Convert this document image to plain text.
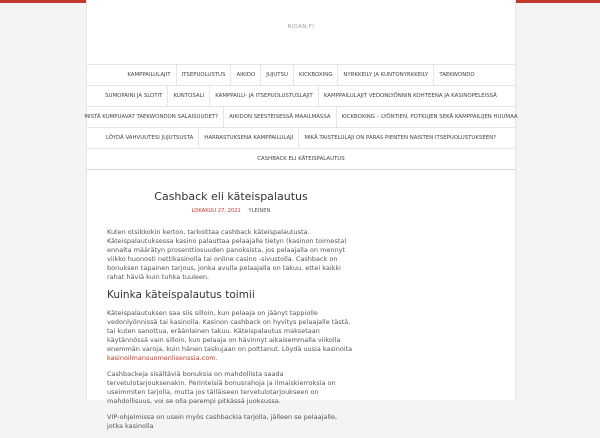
NIDAN.FI
KAMPPAILULAJIT	ITSEPUOLUSTUS	AIKIDO	JUJUTSU	KICKBOXING	NYRKKEILY JA KUNTONYRKKEILY	TAEKWONDO
SUMOPAINI JA SLOTIT	KUNTOSALI	KAMPPAILU- JA ITSEPUOLUSTUSLAJIT	KAMPPAILULAJIT VEDONLYÖNNIN KOHTEENA JA KASINOPELEISSÄ
MISTÄ KUMPUAVAT TAEKWONDON SALAISUUDET?	AIKIDON SEESTEISESSÄ MAAILMASSA	KICKBOXING – LYÖNTIEN, POTKUJEN SEKÄ KAMPPAILIJEN HUUMAA
LÖYDÄ VAHVUUTESI JUJUTSUSTA	HARRASTUKSENA KAMPPAILULAJI	MIKÄ TAISTELULAJI ON PARAS PIENTEN NAISTEN ITSEPUOLUSTUKSEEN?
CASHBACK ELI KÄTEISPALAUTUS
Cashback eli käteispalautus
LOKAKUU 27, 2021 YLEINEN

Kuten otsikkokin kertoo, tarkoittaa cashback käteispalautusta. Käteispalautuksessa kasino palauttaa pelaajalle tietyn (kasinon toimesta) ennalta määrätyn prosenttiosuuden panoksista, jos pelaajalla on mennyt viikko huonosti nettikasinolla tai online casino -sivustolla. Cashback on bonuksen tapainen tarjous, jonka avulla pelaajalla on takuu, ettei kaikki rahat häviä kuin tuhka tuuleen.

Kuinka käteispalautus toimii

Käteispalautuksen saa siis silloin, kun pelaaja on jäänyt tappiolle vedonlyönnissä tai kasinolla. Kasinon cashback on hyvitys pelaajalle tästä, tai kuten sanottua, eräänlainen takuu. Käteispalautus maksetaan käytännössä vain silloin, kun pelaaja on hävinnyt aikaisemmalla viikolla enemmän varoja, kuin hänen taskujaan on polttanut. Löydä uusia kasinoita kasinoilmansuomenlisenssia.com.

Cashbackeja sisältäviä bonuksia on mahdollista saada tervetulotarjouksenakin. Perinteisiä bonusrahoja ja ilmaiskierroksia on useimmiten tarjolla, mutta jos tälläiseen tervetulotarjoukseen on mahdollisuus, voi se olla parempi pitkässä juoksussa.

VIP-ohjelmissa on usein myös cashbackia tarjolla, jälleen se pelaajalle, jotka kasinolla
